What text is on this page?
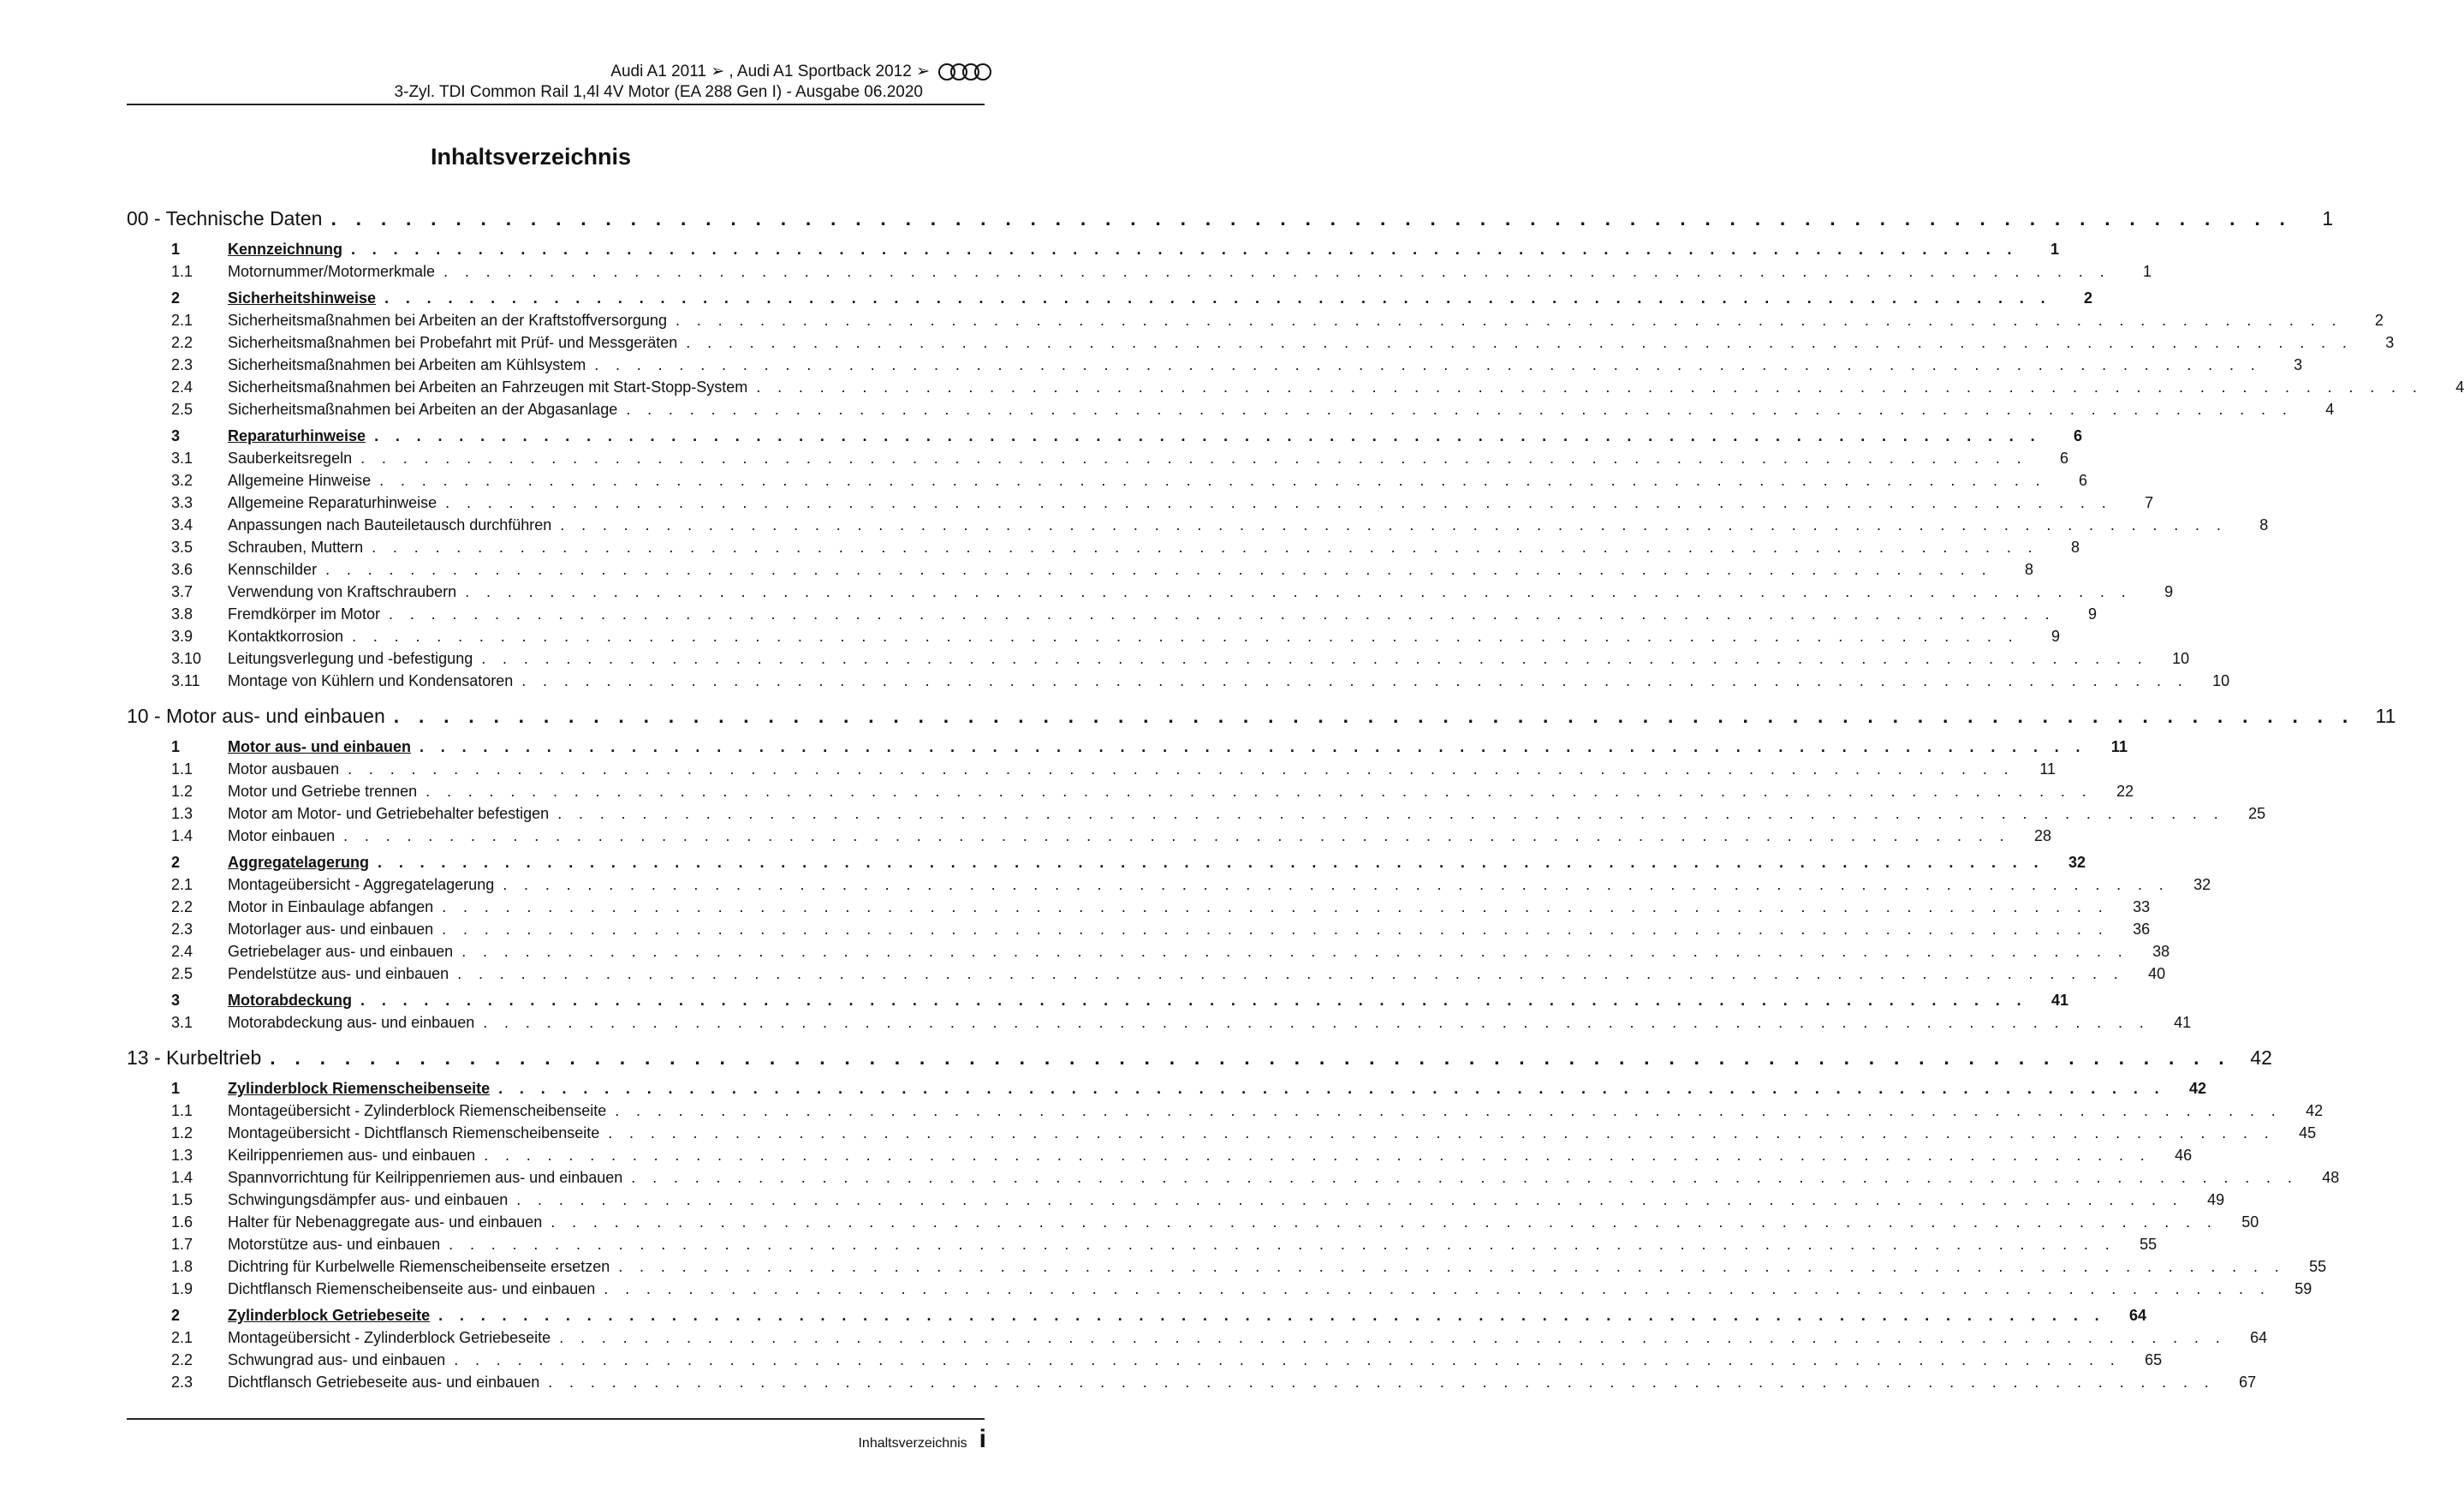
Audi A1 2011 ➢ , Audi A1 Sportback 2012 ➢
3-Zyl. TDI Common Rail 1,4l 4V Motor (EA 288 Gen I) - Ausgabe 06.2020
Inhaltsverzeichnis
00 - Technische Daten . . . . . . . . . . . . . . . . . . . . . . . . . . . . . . . . . . . . . . . . . . . . . . . . . . . . . . . . . . . . . . . . . . . . . . . . . . . . . . .	1
1	Kennzeichnung . . . . . . . . . . . . . . . . . . . . . . . . . . . . . . . . . . . . . . . . . . . . . . . . . . . . . . . . . . . . . . . . . . . . . . . . . . . . . . .	1
1.1	Motornummer/Motormerkmale . . . . . . . . . . . . . . . . . . . . . . . . . . . . . . . . . . . . . . . . . . . . . . . . . . . . . . . . . . . . . . . . . . . . . . . . . . . . . . .	1
2	Sicherheitshinweise . . . . . . . . . . . . . . . . . . . . . . . . . . . . . . . . . . . . . . . . . . . . . . . . . . . . . . . . . . . . . . . . . . . . . . . . . . . . . . .	2
2.1	Sicherheitsmaßnahmen bei Arbeiten an der Kraftstoffversorgung . . . . . . . . . . . . . . . . . . . . . . . . . . . . . . . . . . . . . . . . . . . . . . . . . . . . . . . . . . . . . . . . . . . . . . . . . . . . . . .	2
2.2	Sicherheitsmaßnahmen bei Probefahrt mit Prüf- und Messgeräten . . . . . . . . . . . . . . . . . . . . . . . . . . . . . . . . . . . . . . . . . . . . . . . . . . . . . . . . . . . . . . . . . . . . . . . . . . . . . . .	3
2.3	Sicherheitsmaßnahmen bei Arbeiten am Kühlsystem . . . . . . . . . . . . . . . . . . . . . . . . . . . . . . . . . . . . . . . . . . . . . . . . . . . . . . . . . . . . . . . . . . . . . . . . . . . . . . .	3
2.4	Sicherheitsmaßnahmen bei Arbeiten an Fahrzeugen mit Start-Stopp-System . . . . . . . . . . . . . . . . . . . . . . . . . . . . . . . . . . . . . . . . . . . . . . . . . . . . . . . . . . . . . . . . . . . . . . . . . . . . . . .	4
2.5	Sicherheitsmaßnahmen bei Arbeiten an der Abgasanlage . . . . . . . . . . . . . . . . . . . . . . . . . . . . . . . . . . . . . . . . . . . . . . . . . . . . . . . . . . . . . . . . . . . . . . . . . . . . . . .	4
3	Reparaturhinweise . . . . . . . . . . . . . . . . . . . . . . . . . . . . . . . . . . . . . . . . . . . . . . . . . . . . . . . . . . . . . . . . . . . . . . . . . . . . . . .	6
3.1	Sauberkeitsregeln . . . . . . . . . . . . . . . . . . . . . . . . . . . . . . . . . . . . . . . . . . . . . . . . . . . . . . . . . . . . . . . . . . . . . . . . . . . . . . .	6
3.2	Allgemeine Hinweise . . . . . . . . . . . . . . . . . . . . . . . . . . . . . . . . . . . . . . . . . . . . . . . . . . . . . . . . . . . . . . . . . . . . . . . . . . . . . . .	6
3.3	Allgemeine Reparaturhinweise . . . . . . . . . . . . . . . . . . . . . . . . . . . . . . . . . . . . . . . . . . . . . . . . . . . . . . . . . . . . . . . . . . . . . . . . . . . . . . .	7
3.4	Anpassungen nach Bauteiletausch durchführen . . . . . . . . . . . . . . . . . . . . . . . . . . . . . . . . . . . . . . . . . . . . . . . . . . . . . . . . . . . . . . . . . . . . . . . . . . . . . . .	8
3.5	Schrauben, Muttern . . . . . . . . . . . . . . . . . . . . . . . . . . . . . . . . . . . . . . . . . . . . . . . . . . . . . . . . . . . . . . . . . . . . . . . . . . . . . . .	8
3.6	Kennschilder . . . . . . . . . . . . . . . . . . . . . . . . . . . . . . . . . . . . . . . . . . . . . . . . . . . . . . . . . . . . . . . . . . . . . . . . . . . . . . .	8
3.7	Verwendung von Kraftschraubern . . . . . . . . . . . . . . . . . . . . . . . . . . . . . . . . . . . . . . . . . . . . . . . . . . . . . . . . . . . . . . . . . . . . . . . . . . . . . . .	9
3.8	Fremdkörper im Motor . . . . . . . . . . . . . . . . . . . . . . . . . . . . . . . . . . . . . . . . . . . . . . . . . . . . . . . . . . . . . . . . . . . . . . . . . . . . . . .	9
3.9	Kontaktkorrosion . . . . . . . . . . . . . . . . . . . . . . . . . . . . . . . . . . . . . . . . . . . . . . . . . . . . . . . . . . . . . . . . . . . . . . . . . . . . . . .	9
3.10	Leitungsverlegung und -befestigung . . . . . . . . . . . . . . . . . . . . . . . . . . . . . . . . . . . . . . . . . . . . . . . . . . . . . . . . . . . . . . . . . . . . . . . . . . . . . . .	10
3.11	Montage von Kühlern und Kondensatoren . . . . . . . . . . . . . . . . . . . . . . . . . . . . . . . . . . . . . . . . . . . . . . . . . . . . . . . . . . . . . . . . . . . . . . . . . . . . . . .	10
10 - Motor aus- und einbauen . . . . . . . . . . . . . . . . . . . . . . . . . . . . . . . . . . . . . . . . . . . . . . . . . . . . . . . . . . . . . . . . . . . . . . . . . . . . . . .	11
1	Motor aus- und einbauen . . . . . . . . . . . . . . . . . . . . . . . . . . . . . . . . . . . . . . . . . . . . . . . . . . . . . . . . . . . . . . . . . . . . . . . . . . . . . . .	11
1.1	Motor ausbauen . . . . . . . . . . . . . . . . . . . . . . . . . . . . . . . . . . . . . . . . . . . . . . . . . . . . . . . . . . . . . . . . . . . . . . . . . . . . . . .	11
1.2	Motor und Getriebe trennen . . . . . . . . . . . . . . . . . . . . . . . . . . . . . . . . . . . . . . . . . . . . . . . . . . . . . . . . . . . . . . . . . . . . . . . . . . . . . . .	22
1.3	Motor am Motor- und Getriebehalter befestigen . . . . . . . . . . . . . . . . . . . . . . . . . . . . . . . . . . . . . . . . . . . . . . . . . . . . . . . . . . . . . . . . . . . . . . . . . . . . . . .	25
1.4	Motor einbauen . . . . . . . . . . . . . . . . . . . . . . . . . . . . . . . . . . . . . . . . . . . . . . . . . . . . . . . . . . . . . . . . . . . . . . . . . . . . . . .	28
2	Aggregatelagerung . . . . . . . . . . . . . . . . . . . . . . . . . . . . . . . . . . . . . . . . . . . . . . . . . . . . . . . . . . . . . . . . . . . . . . . . . . . . . . .	32
2.1	Montageübersicht - Aggregatelagerung . . . . . . . . . . . . . . . . . . . . . . . . . . . . . . . . . . . . . . . . . . . . . . . . . . . . . . . . . . . . . . . . . . . . . . . . . . . . . . .	32
2.2	Motor in Einbaulage abfangen . . . . . . . . . . . . . . . . . . . . . . . . . . . . . . . . . . . . . . . . . . . . . . . . . . . . . . . . . . . . . . . . . . . . . . . . . . . . . . .	33
2.3	Motorlager aus- und einbauen . . . . . . . . . . . . . . . . . . . . . . . . . . . . . . . . . . . . . . . . . . . . . . . . . . . . . . . . . . . . . . . . . . . . . . . . . . . . . . .	36
2.4	Getriebelager aus- und einbauen . . . . . . . . . . . . . . . . . . . . . . . . . . . . . . . . . . . . . . . . . . . . . . . . . . . . . . . . . . . . . . . . . . . . . . . . . . . . . . .	38
2.5	Pendelstütze aus- und einbauen . . . . . . . . . . . . . . . . . . . . . . . . . . . . . . . . . . . . . . . . . . . . . . . . . . . . . . . . . . . . . . . . . . . . . . . . . . . . . . .	40
3	Motorabdeckung . . . . . . . . . . . . . . . . . . . . . . . . . . . . . . . . . . . . . . . . . . . . . . . . . . . . . . . . . . . . . . . . . . . . . . . . . . . . . . .	41
3.1	Motorabdeckung aus- und einbauen . . . . . . . . . . . . . . . . . . . . . . . . . . . . . . . . . . . . . . . . . . . . . . . . . . . . . . . . . . . . . . . . . . . . . . . . . . . . . . .	41
13 - Kurbeltrieb . . . . . . . . . . . . . . . . . . . . . . . . . . . . . . . . . . . . . . . . . . . . . . . . . . . . . . . . . . . . . . . . . . . . . . . . . . . . . . . 42
1	Zylinderblock Riemenscheibenseite . . . . . . . . . . . . . . . . . . . . . . . . . . . . . . . . . . . . . . . . . . . . . . . . . . . . . . . . . . . . . . . . . . . . . . . . . . . . . . .	42
1.1	Montageübersicht - Zylinderblock Riemenscheibenseite . . . . . . . . . . . . . . . . . . . . . . . . . . . . . . . . . . . . . . . . . . . . . . . . . . . . . . . . . . . . . . . . . . . . . . . . . . . . . . .	42
1.2	Montageübersicht - Dichtflansch Riemenscheibenseite . . . . . . . . . . . . . . . . . . . . . . . . . . . . . . . . . . . . . . . . . . . . . . . . . . . . . . . . . . . . . . . . . . . . . . . . . . . . . . .	45
1.3	Keilrippenriemen aus- und einbauen . . . . . . . . . . . . . . . . . . . . . . . . . . . . . . . . . . . . . . . . . . . . . . . . . . . . . . . . . . . . . . . . . . . . . . . . . . . . . . .	46
1.4	Spannvorrichtung für Keilrippenriemen aus- und einbauen . . . . . . . . . . . . . . . . . . . . . . . . . . . . . . . . . . . . . . . . . . . . . . . . . . . . . . . . . . . . . . . . . . . . . . . . . . . . . . .	48
1.5	Schwingungsdämpfer aus- und einbauen . . . . . . . . . . . . . . . . . . . . . . . . . . . . . . . . . . . . . . . . . . . . . . . . . . . . . . . . . . . . . . . . . . . . . . . . . . . . . . .	49
1.6	Halter für Nebenaggregate aus- und einbauen . . . . . . . . . . . . . . . . . . . . . . . . . . . . . . . . . . . . . . . . . . . . . . . . . . . . . . . . . . . . . . . . . . . . . . . . . . . . . . .	50
1.7	Motorstütze aus- und einbauen . . . . . . . . . . . . . . . . . . . . . . . . . . . . . . . . . . . . . . . . . . . . . . . . . . . . . . . . . . . . . . . . . . . . . . . . . . . . . . .	55
1.8	Dichtring für Kurbelwelle Riemenscheibenseite ersetzen . . . . . . . . . . . . . . . . . . . . . . . . . . . . . . . . . . . . . . . . . . . . . . . . . . . . . . . . . . . . . . . . . . . . . . . . . . . . . . .	55
1.9	Dichtflansch Riemenscheibenseite aus- und einbauen . . . . . . . . . . . . . . . . . . . . . . . . . . . . . . . . . . . . . . . . . . . . . . . . . . . . . . . . . . . . . . . . . . . . . . . . . . . . . . .	59
2	Zylinderblock Getriebeseite . . . . . . . . . . . . . . . . . . . . . . . . . . . . . . . . . . . . . . . . . . . . . . . . . . . . . . . . . . . . . . . . . . . . . . . . . . . . . . .	64
2.1	Montageübersicht - Zylinderblock Getriebeseite . . . . . . . . . . . . . . . . . . . . . . . . . . . . . . . . . . . . . . . . . . . . . . . . . . . . . . . . . . . . . . . . . . . . . . . . . . . . . . .	64
2.2	Schwungrad aus- und einbauen . . . . . . . . . . . . . . . . . . . . . . . . . . . . . . . . . . . . . . . . . . . . . . . . . . . . . . . . . . . . . . . . . . . . . . . . . . . . . . .	65
2.3	Dichtflansch Getriebeseite aus- und einbauen . . . . . . . . . . . . . . . . . . . . . . . . . . . . . . . . . . . . . . . . . . . . . . . . . . . . . . . . . . . . . . . . . . . . . . . . . . . . . . .	67
Inhaltsverzeichnis i
